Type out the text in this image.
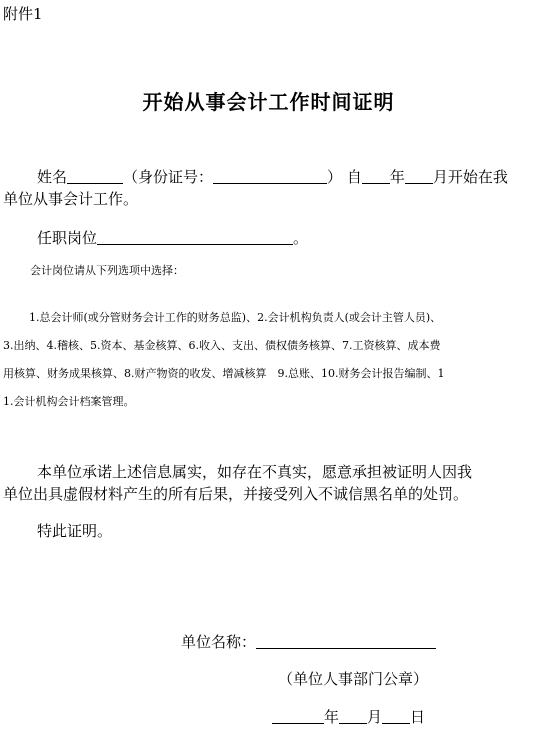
附件1
开始从事会计工作时间证明
姓名	（身份证号：	） 自 年 月开始在我
单位从事会计工作。
任职岗位	。
会计岗位请从下列选项中选择：
1.总会计师(或分管财务会计工作的财务总监)、2.会计机构负责人(或会计主管人员)、
3.出纳、4.稽核、5.资本、基金核算、6.收入、支出、债权债务核算、7.工资核算、成本费
用核算、财务成果核算、8.财产物资的收发、增减核算　9.总账、10.财务会计报告编制、1
1.会计机构会计档案管理。
本单位承诺上述信息属实，如存在不真实，愿意承担被证明人因我
单位出具虚假材料产生的所有后果，并接受列入不诚信黑名单的处罚。
特此证明。
单位名称：
（单位人事部门公章）
年 月 日
